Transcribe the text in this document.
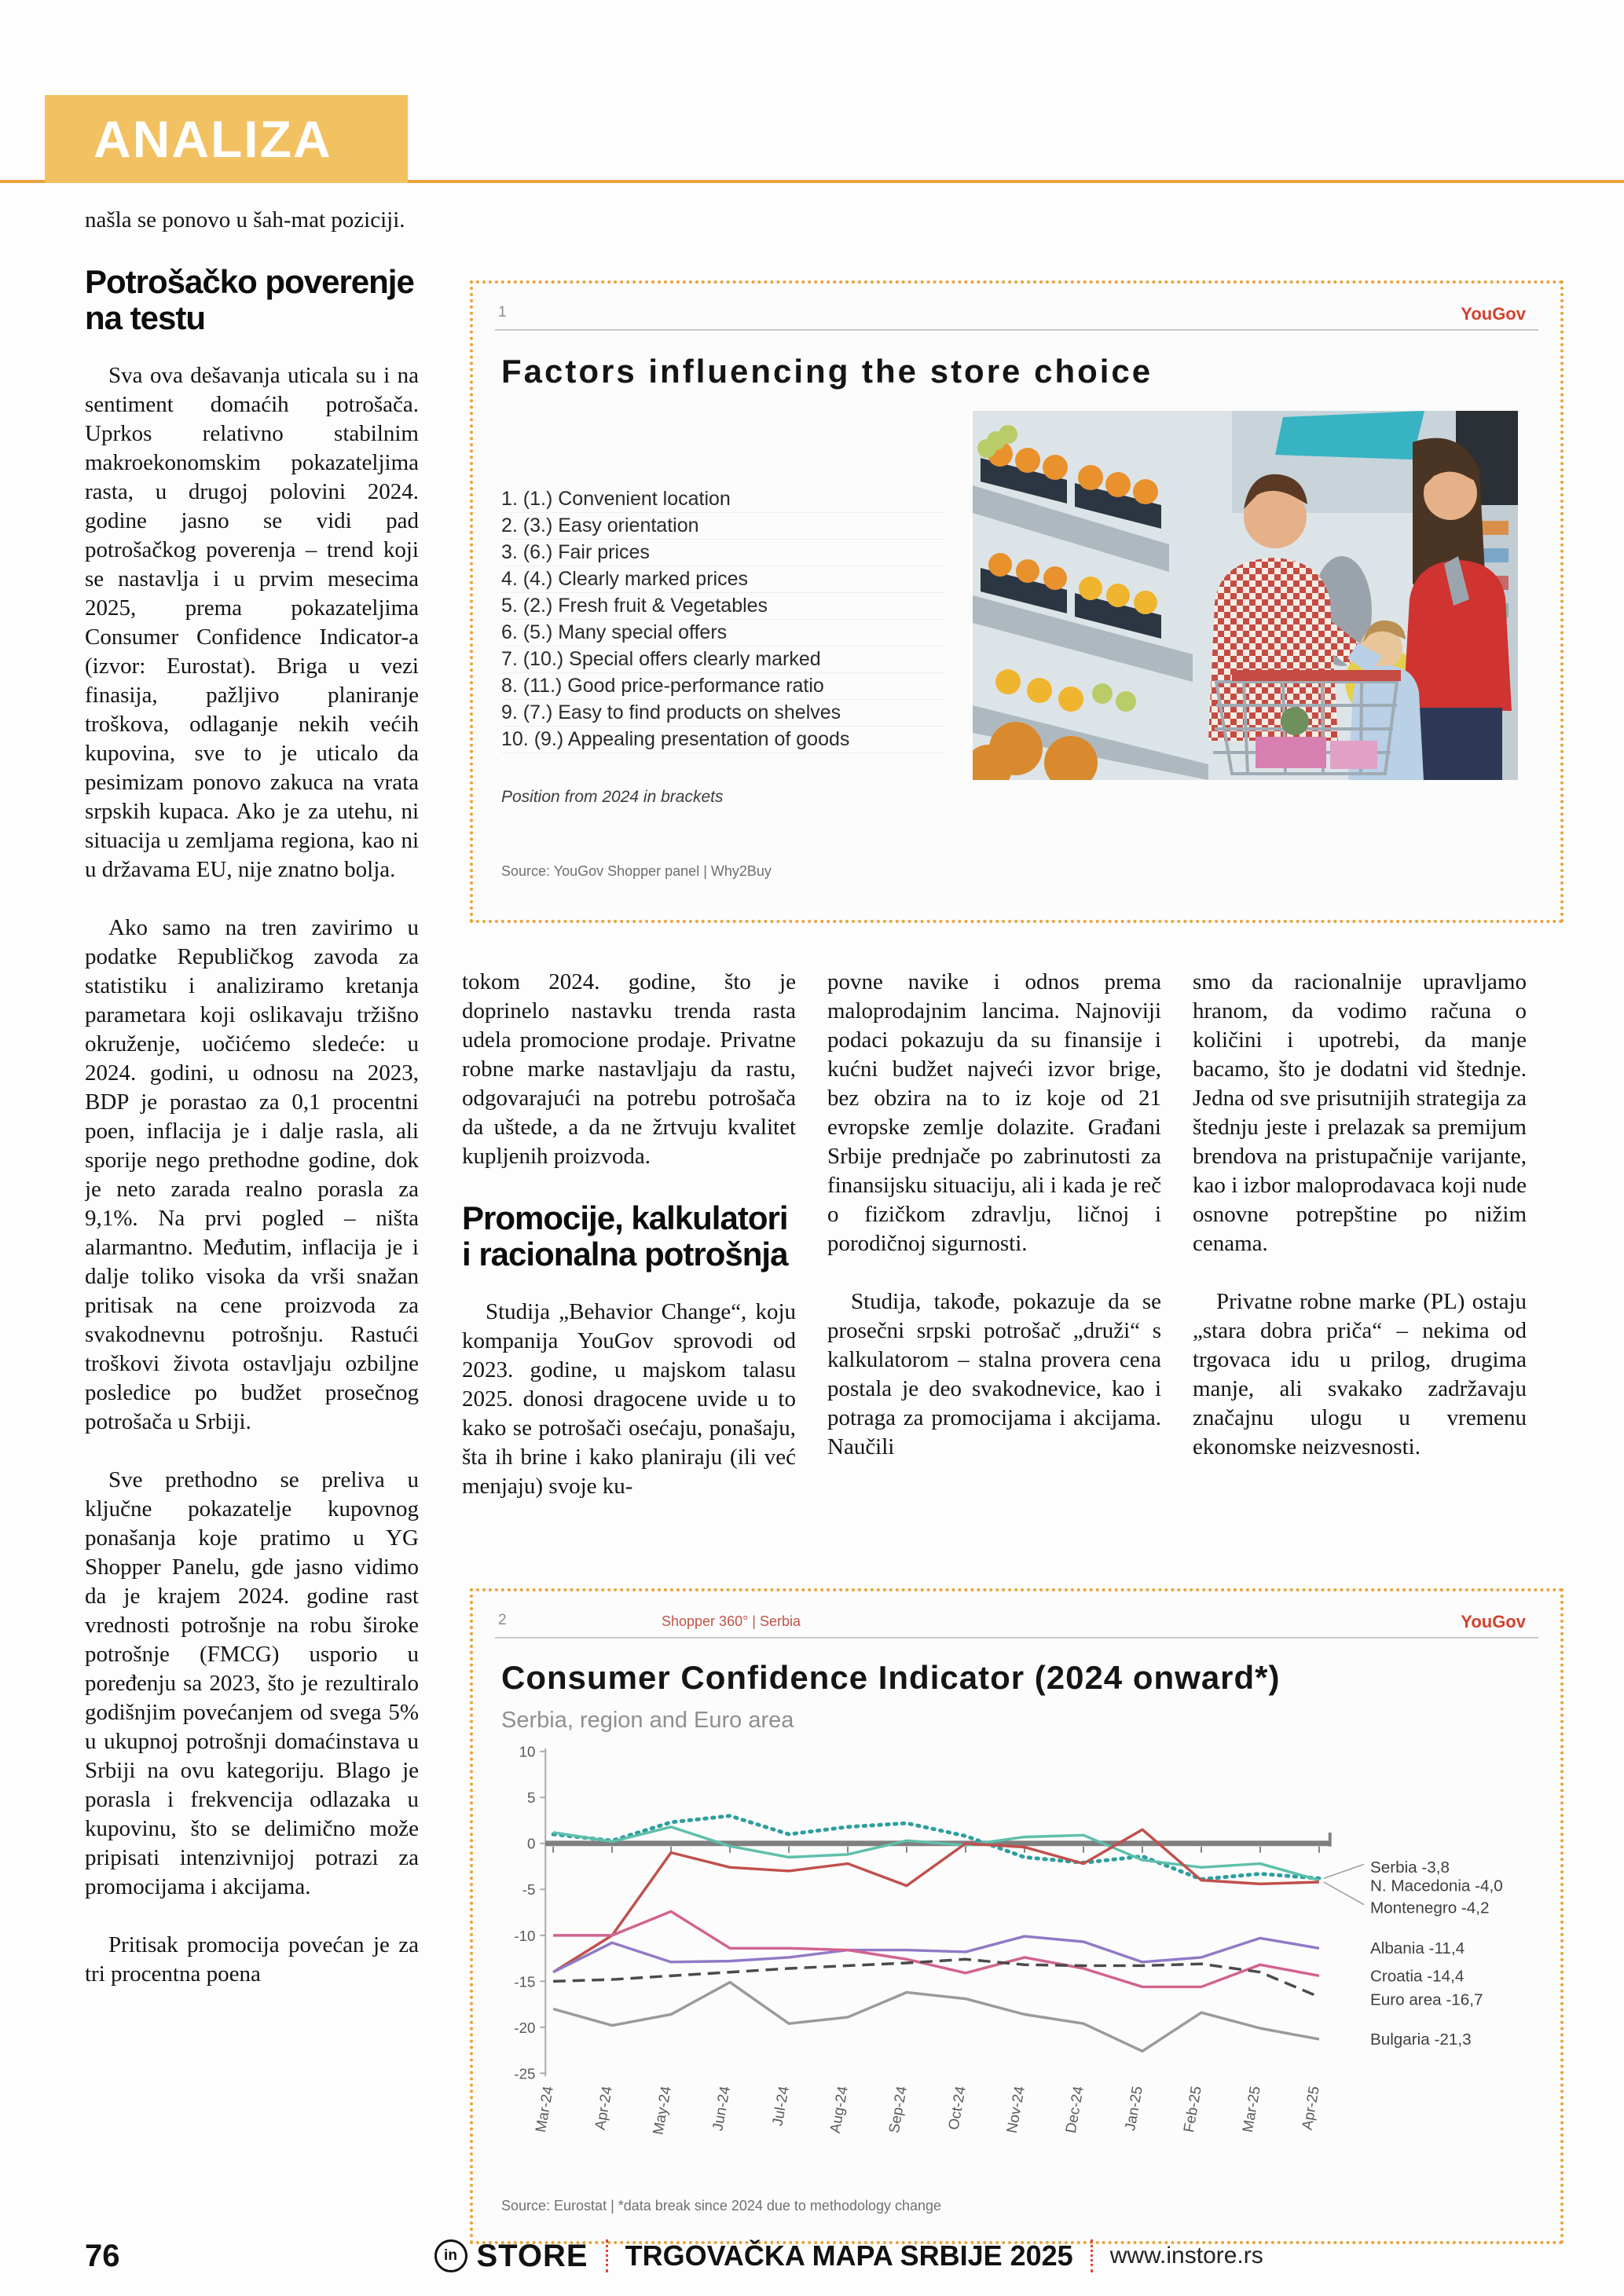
ANALIZA

našla se ponovo u šah-mat poziciji.

Potrošačko poverenje na testu

Sva ova dešavanja uticala su i na sentiment domaćih potrošača. Uprkos relativno stabilnim makroekonomskim pokazateljima rasta, u drugoj polovini 2024. godine jasno se vidi pad potrošačkog poverenja – trend koji se nastavlja i u prvim mesecima 2025, prema pokazateljima Consumer Confidence Indicator-a (izvor: Eurostat). Briga u vezi finasija, pažljivo planiranje troškova, odlaganje nekih većih kupovina, sve to je uticalo da pesimizam ponovo zakuca na vrata srpskih kupaca. Ako je za utehu, ni situacija u zemljama regiona, kao ni u državama EU, nije znatno bolja.

Ako samo na tren zavirimo u podatke Republičkog zavoda za statistiku i analiziramo kretanja parametara koji oslikavaju tržišno okruženje, uočićemo sledeće: u 2024. godini, u odnosu na 2023, BDP je porastao za 0,1 procentni poen, inflacija je i dalje rasla, ali sporije nego prethodne godine, dok je neto zarada realno porasla za 9,1%. Na prvi pogled – ništa alarmantno. Međutim, inflacija je i dalje toliko visoka da vrši snažan pritisak na cene proizvoda za svakodnevnu potrošnju. Rastući troškovi života ostavljaju ozbiljne posledice po budžet prosečnog potrošača u Srbiji.

Sve prethodno se preliva u ključne pokazatelje kupovnog ponašanja koje pratimo u YG Shopper Panelu, gde jasno vidimo da je krajem 2024. godine rast vrednosti potrošnje na robu široke potrošnje (FMCG) usporio u poređenju sa 2023, što je rezultiralo godišnjim povećanjem od svega 5% u ukupnoj potrošnji domaćinstava u Srbiji na ovu kategoriju. Blago je porasla i frekvencija odlazaka u kupovinu, što se delimično može pripisati intenzivnijoj potrazi za promocijama i akcijama.

Pritisak promocija povećan je za tri procentna poena

1	YouGov
Factors influencing the store choice
1. (1.) Convenient location
2. (3.) Easy orientation
3. (6.) Fair prices
4. (4.) Clearly marked prices
5. (2.) Fresh fruit & Vegetables
6. (5.) Many special offers
7. (10.) Special offers clearly marked
8. (11.) Good price-performance ratio
9. (7.) Easy to find products on shelves
10. (9.) Appealing presentation of goods
Position from 2024 in brackets
Source: YouGov Shopper panel | Why2Buy

tokom 2024. godine, što je doprinelo nastavku trenda rasta udela promocione prodaje. Privatne robne marke nastavljaju da rastu, odgovarajući na potrebu potrošača da uštede, a da ne žrtvuju kvalitet kupljenih proizvoda.

Promocije, kalkulatori i racionalna potrošnja

Studija „Behavior Change“, koju kompanija YouGov sprovodi od 2023. godine, u majskom talasu 2025. donosi dragocene uvide u to kako se potrošači osećaju, ponašaju, šta ih brine i kako planiraju (ili već menjaju) svoje ku-

povne navike i odnos prema maloprodajnim lancima. Najnoviji podaci pokazuju da su finansije i kućni budžet najveći izvor brige, bez obzira na to iz koje od 21 evropske zemlje dolazite. Građani Srbije prednjače po zabrinutosti za finansijsku situaciju, ali i kada je reč o fizičkom zdravlju, ličnoj i porodičnoj sigurnosti.

Studija, takođe, pokazuje da se prosečni srpski potrošač „druži“ s kalkulatorom – stalna provera cena postala je deo svakodnevice, kao i potraga za promocijama i akcijama. Naučili

smo da racionalnije upravljamo hranom, da vodimo računa o količini i upotrebi, da manje bacamo, što je dodatni vid štednje. Jedna od sve prisutnijih strategija za štednju jeste i prelazak sa premijum brendova na pristupačnije varijante, kao i izbor maloprodavaca koji nude osnovne potrepštine po nižim cenama.

Privatne robne marke (PL) ostaju „stara dobra priča“ – nekima od trgovaca idu u prilog, drugima manje, ali svakako zadržavaju značajnu ulogu u vremenu ekonomske neizvesnosti.

2	Shopper 360° | Serbia	YouGov
Consumer Confidence Indicator (2024 onward*)
Serbia, region and Euro area
10
5
0
-5
-10
-15
-20
-25
Mar-24 Apr-24 May-24 Jun-24 Jul-24 Aug-24 Sep-24 Oct-24 Nov-24 Dec-24 Jan-25 Feb-25 Mar-25 Apr-25
Serbia -3,8
N. Macedonia -4,0
Montenegro -4,2
Albania -11,4
Croatia -14,4
Euro area -16,7
Bulgaria -21,3
Source: Eurostat | *data break since 2024 due to methodology change
76	in STORE TRGOVAČKA MAPA SRBIJE 2025 www.instore.rs
